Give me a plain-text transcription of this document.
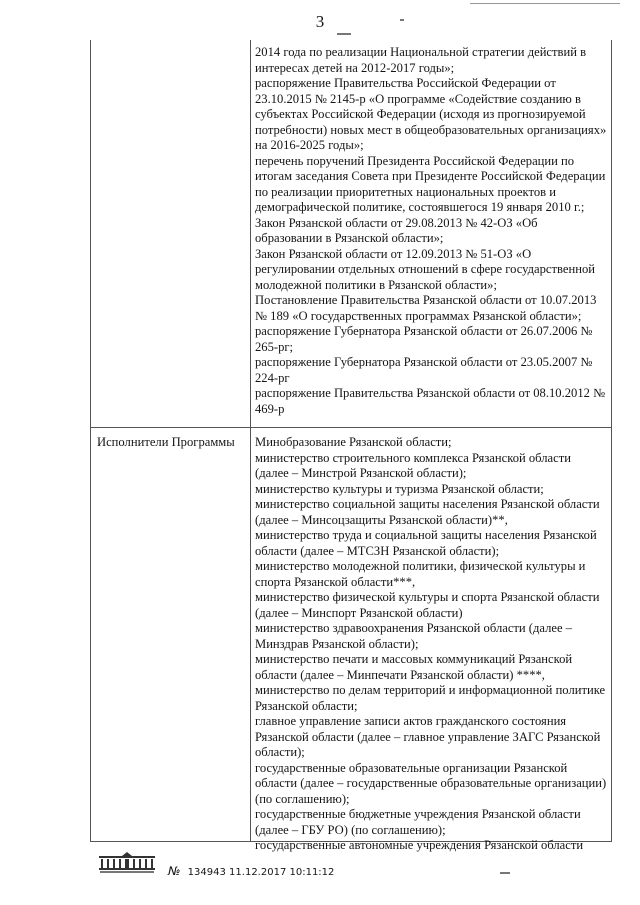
3
2014 года по реализации Национальной стратегии действий в интересах детей на 2012-2017 годы»;
распоряжение Правительства Российской Федерации от 23.10.2015 № 2145-р «О программе «Содействие созданию в субъектах Российской Федерации (исходя из прогнозируемой потребности) новых мест в общеобразовательных организациях» на 2016-2025 годы»;
перечень поручений Президента Российской Федерации по итогам заседания Совета при Президенте Российской Федерации по реализации приоритетных национальных проектов и демографической политике, состоявшегося 19 января 2010 г.;
Закон Рязанской области от 29.08.2013 № 42-ОЗ «Об образовании в Рязанской области»;
Закон Рязанской области от 12.09.2013 № 51-ОЗ «О регулировании отдельных отношений в сфере государственной молодежной политики в Рязанской области»;
Постановление Правительства Рязанской области от 10.07.2013 № 189 «О государственных программах Рязанской области»;
распоряжение Губернатора Рязанской области от 26.07.2006 № 265-рг;
распоряжение Губернатора Рязанской области от 23.05.2007 № 224-рг
распоряжение Правительства Рязанской области от 08.10.2012 № 469-р
Исполнители Программы	Минобразование Рязанской области;
министерство строительного комплекса Рязанской области (далее – Минстрой Рязанской области);
министерство культуры и туризма Рязанской области;
министерство социальной защиты населения Рязанской области (далее – Минсоцзащиты Рязанской области)**,
министерство труда и социальной защиты населения Рязанской области (далее – МТСЗН Рязанской области);
министерство молодежной политики, физической культуры и спорта Рязанской области***,
министерство физической культуры и спорта Рязанской области (далее – Минспорт Рязанской области)
министерство здравоохранения Рязанской области (далее – Минздрав Рязанской области);
министерство печати и массовых коммуникаций Рязанской области (далее – Минпечати Рязанской области) ****,
министерство по делам территорий и информационной политике Рязанской области;
главное управление записи актов гражданского состояния Рязанской области (далее – главное управление ЗАГС Рязанской области);
государственные образовательные организации Рязанской области (далее – государственные образовательные организации) (по соглашению);
государственные бюджетные учреждения Рязанской области (далее – ГБУ РО) (по соглашению);
государственные автономные учреждения Рязанской области
№ 134943 11.12.2017 10:11:12
